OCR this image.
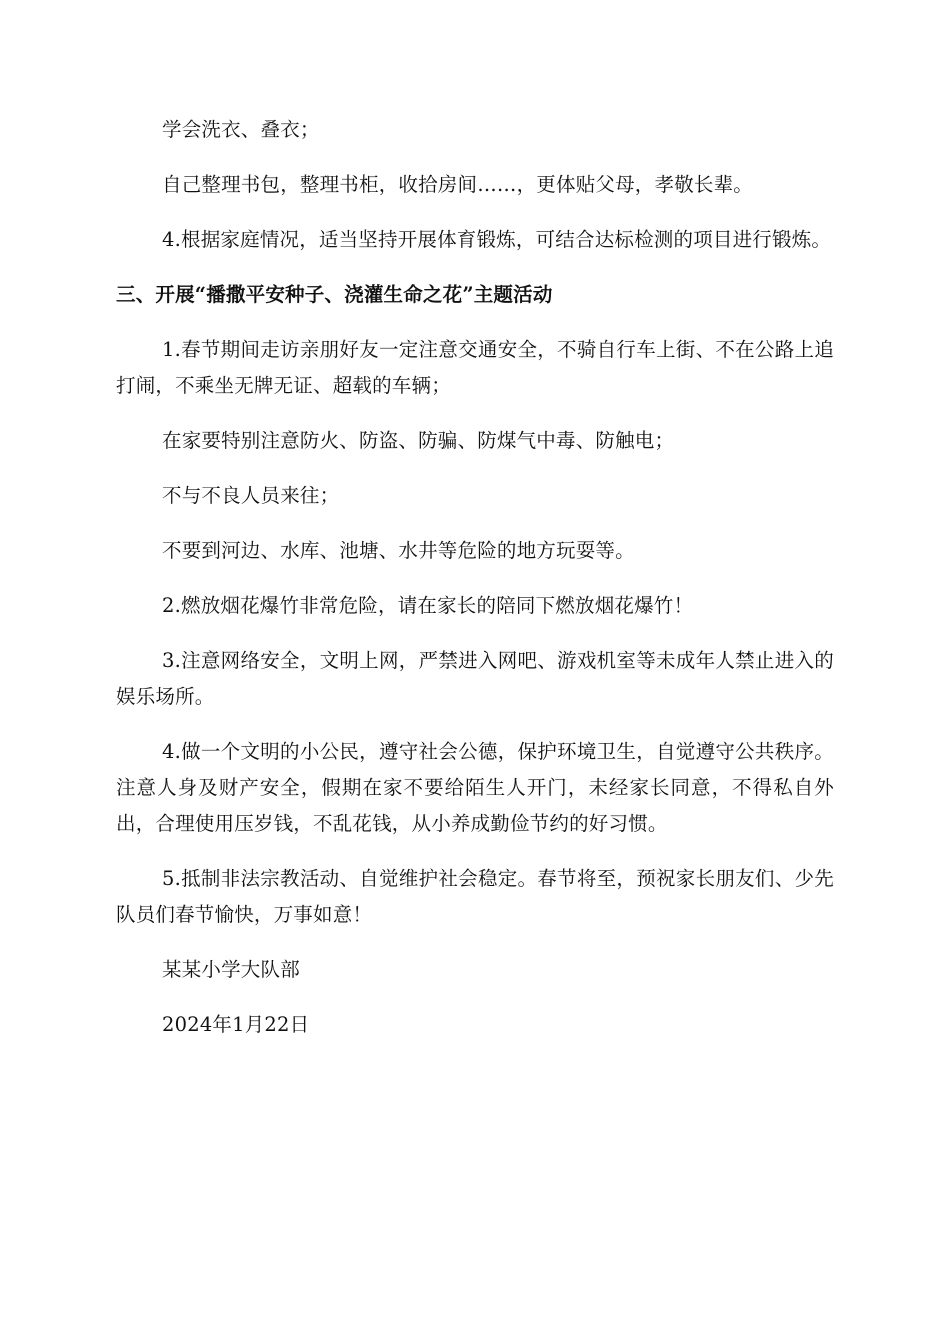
学会洗衣、叠衣；

自己整理书包，整理书柜，收拾房间……，更体贴父母，孝敬长辈。

4.根据家庭情况，适当坚持开展体育锻炼，可结合达标检测的项目进行锻炼。

三、开展“播撒平安种子、浇灌生命之花”主题活动

1.春节期间走访亲朋好友一定注意交通安全，不骑自行车上街、不在公路上追打闹，不乘坐无牌无证、超载的车辆；

在家要特别注意防火、防盗、防骗、防煤气中毒、防触电；

不与不良人员来往；

不要到河边、水库、池塘、水井等危险的地方玩耍等。

2.燃放烟花爆竹非常危险，请在家长的陪同下燃放烟花爆竹！

3.注意网络安全，文明上网，严禁进入网吧、游戏机室等未成年人禁止进入的娱乐场所。

4.做一个文明的小公民，遵守社会公德，保护环境卫生，自觉遵守公共秩序。注意人身及财产安全，假期在家不要给陌生人开门，未经家长同意，不得私自外出，合理使用压岁钱，不乱花钱，从小养成勤俭节约的好习惯。

5.抵制非法宗教活动、自觉维护社会稳定。春节将至，预祝家长朋友们、少先队员们春节愉快，万事如意！

某某小学大队部

2024年1月22日
